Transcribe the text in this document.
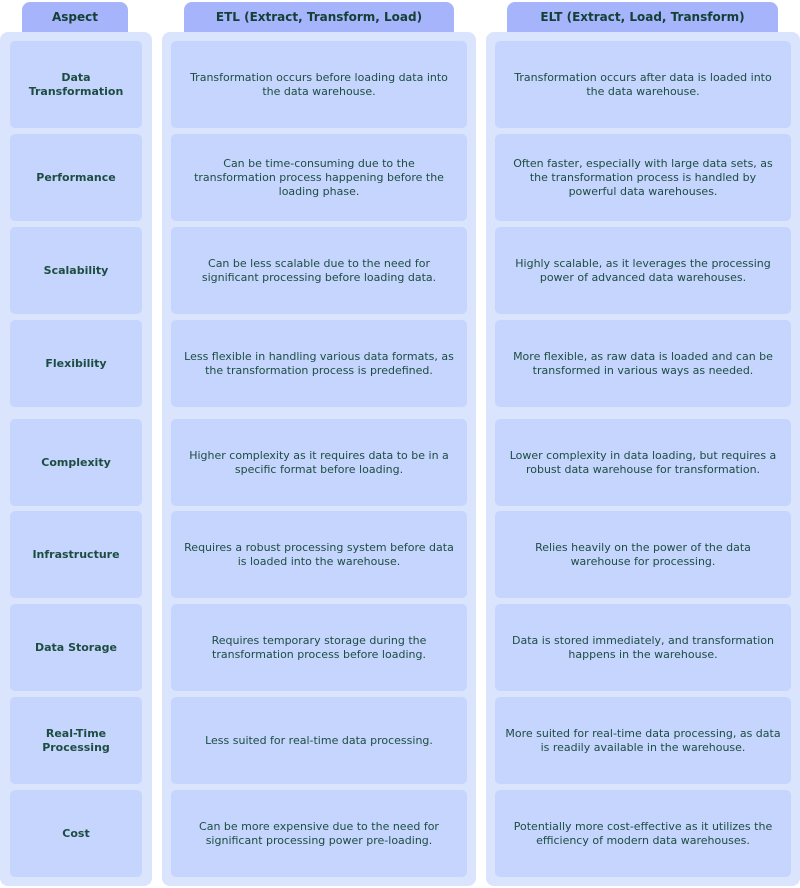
Aspect	ETL (Extract, Transform, Load)	ELT (Extract, Load, Transform)
Data Transformation
Transformation occurs before loading data into the data warehouse.
Transformation occurs after data is loaded into the data warehouse.
Performance
Can be time-consuming due to the transformation process happening before the loading phase.
Often faster, especially with large data sets, as the transformation process is handled by powerful data warehouses.
Scalability
Can be less scalable due to the need for significant processing before loading data.
Highly scalable, as it leverages the processing power of advanced data warehouses.
Flexibility
Less flexible in handling various data formats, as the transformation process is predefined.
More flexible, as raw data is loaded and can be transformed in various ways as needed.
Complexity
Higher complexity as it requires data to be in a specific format before loading.
Lower complexity in data loading, but requires a robust data warehouse for transformation.
Infrastructure
Requires a robust processing system before data is loaded into the warehouse.
Relies heavily on the power of the data warehouse for processing.
Data Storage
Requires temporary storage during the transformation process before loading.
Data is stored immediately, and transformation happens in the warehouse.
Real-Time Processing
Less suited for real-time data processing.
More suited for real-time data processing, as data is readily available in the warehouse.
Cost
Can be more expensive due to the need for significant processing power pre-loading.
Potentially more cost-effective as it utilizes the efficiency of modern data warehouses.
